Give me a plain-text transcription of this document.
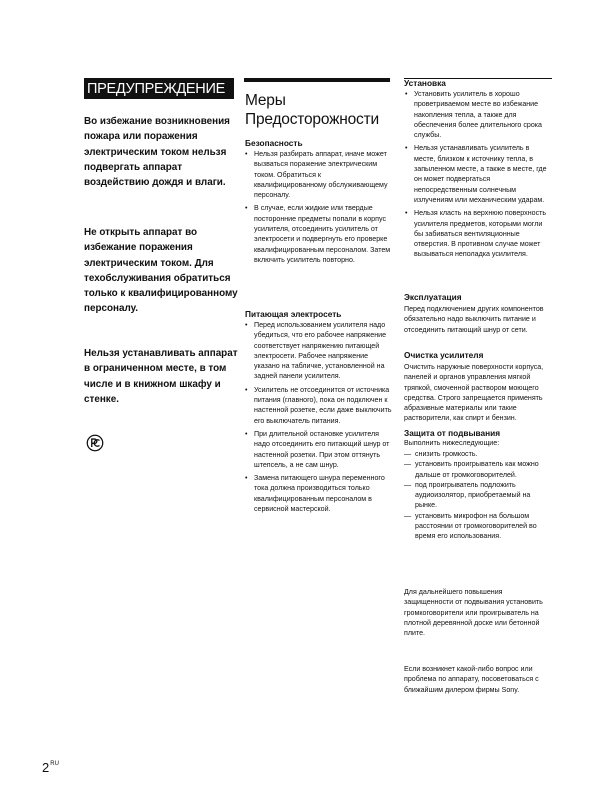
ПРЕДУПРЕЖДЕНИЕ

Во избежание возникновения пожара или поражения электрическим током нельзя подвергать аппарат воздействию дождя и влаги.

Не открыть аппарат во избежание поражения электрическим током. Для техобслуживания обратиться только к квалифицированному персоналу.

Нельзя устанавливать аппарат в ограниченном месте, в том числе и в книжном шкафу и стенке.

Меры
Предосторожности

Безопасность

• Нельзя разбирать аппарат, иначе может вызваться поражение электрическим током. Обратиться к квалифицированному обслуживающему персоналу.
• В случае, если жидкие или твердые посторонние предметы попали в корпус усилителя, отсоединить усилитель от электросети и подвергнуть его проверке квалифицированным персоналом. Затем включить усилитель повторно.

Питающая электросеть

• Перед использованием усилителя надо убедиться, что его рабочее напряжение соответствует напряжению питающей электросети. Рабочее напряжение указано на табличке, установленной на задней панели усилителя.
• Усилитель не отсоединится от источника питания (главного), пока он подключен к настенной розетке, если даже выключить его выключатель питания.
• При длительной остановке усилителя надо отсоединить его питающий шнур от настенной розетки. При этом оттянуть штепсель, а не сам шнур.
• Замена питающего шнура переменного тока должна производиться только квалифицированным персоналом в сервисной мастерской.

Установка

• Установить усилитель в хорошо проветриваемом месте во избежание накопления тепла, а также для обеспечения более длительного срока службы.
• Нельзя устанавливать усилитель в месте, близком к источнику тепла, в запыленном месте, а также в месте, где он может подвергаться непосредственным солнечным излучениям или механическим ударам.
• Нельзя класть на верхнюю поверхность усилителя предметов, которыми могли бы забиваться вентиляционные отверстия. В противном случае может вызываться неполадка усилителя.

Эксплуатация

Перед подключением других компонентов обязательно надо выключить питание и отсоединить питающий шнур от сети.

Очистка усилителя

Очистить наружные поверхности корпуса, панелей и органов управления мягкой тряпкой, смоченной раствором моющего средства. Строго запрещается применять абразивные материалы или такие растворители, как спирт и бензин.

Защита от подвывания

Выполнить нижеследующие:

— снизить громкость.
— установить проигрыватель как можно дальше от громкоговорителей.
— под проигрыватель подложить аудиоизолятор, приобретаемый на рынке.
— установить микрофон на большом расстоянии от громкоговорителей во время его использования.

Для дальнейшего повышения защищенности от подвывания установить громкоговорители или проигрыватель на плотной деревянной доске или бетонной плите.

Если возникнет какой-либо вопрос или проблема по аппарату, посоветоваться с ближайшим дилером фирмы Sony.

$2^{RU}$
